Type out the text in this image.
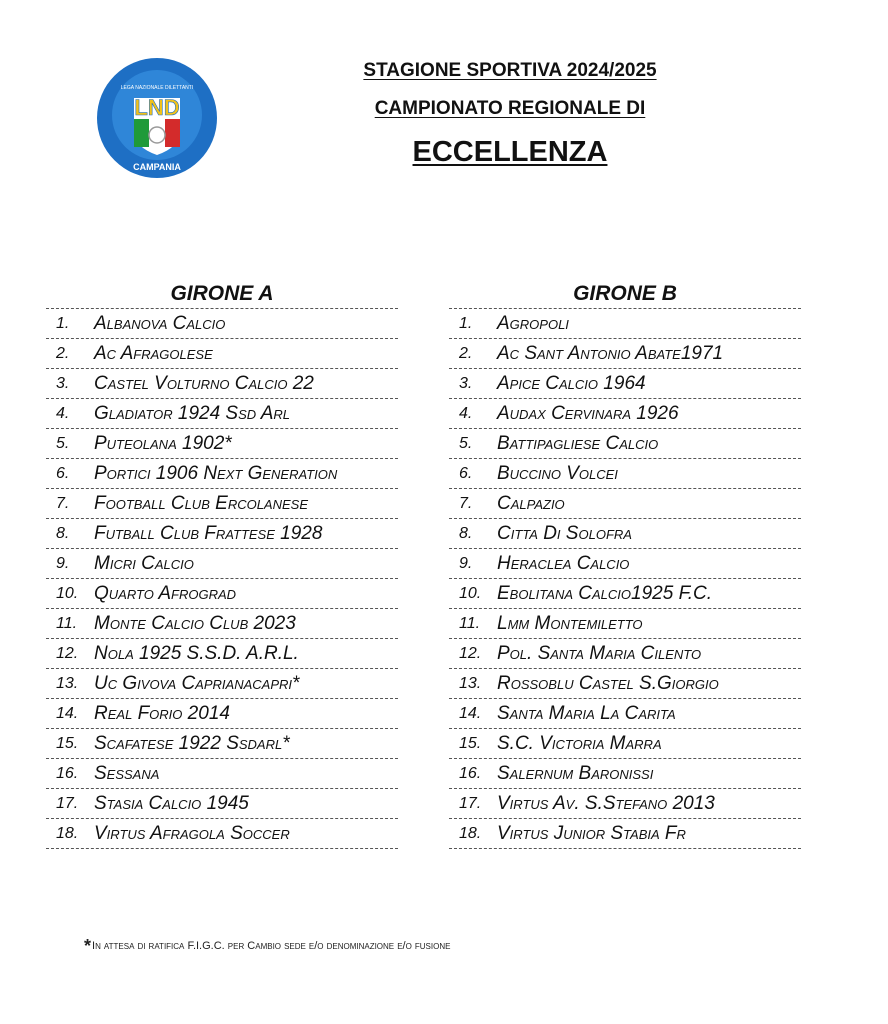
LEGA NAZIONALE DILETTANTI
LND
CAMPANIA
STAGIONE SPORTIVA 2024/2025
CAMPIONATO REGIONALE DI
ECCELLENZA
GIRONE A
1.	Albanova Calcio
2.	Ac Afragolese
3.	Castel Volturno Calcio 22
4.	Gladiator 1924 Ssd Arl
5.	Puteolana 1902*
6.	Portici 1906 Next Generation
7.	Football Club Ercolanese
8.	Futball Club Frattese 1928
9.	Micri Calcio
10. Quarto Afrograd
11. Monte Calcio Club 2023
12. Nola 1925 S.S.D. A.R.L.
13. Uc Givova Caprianacapri*
14. Real Forio 2014
15. Scafatese 1922 Ssdarl*
16. Sessana
17. Stasia Calcio 1945
18. Virtus Afragola Soccer
GIRONE B
1.	Agropoli
2.	Ac Sant Antonio Abate1971
3.	Apice Calcio 1964
4.	Audax Cervinara 1926
5.	Battipagliese Calcio
6.	Buccino Volcei
7.	Calpazio
8.	Citta Di Solofra
9.	Heraclea Calcio
10. Ebolitana Calcio1925 F.C.
11. Lmm Montemiletto
12. Pol. Santa Maria Cilento
13. Rossoblu Castel S.Giorgio
14. Santa Maria La Carita
15. S.C. Victoria Marra
16. Salernum Baronissi
17. Virtus Av. S.Stefano 2013
18. Virtus Junior Stabia Fr
*In attesa di ratifica F.I.G.C. per Cambio sede e/o denominazione e/o fusione
